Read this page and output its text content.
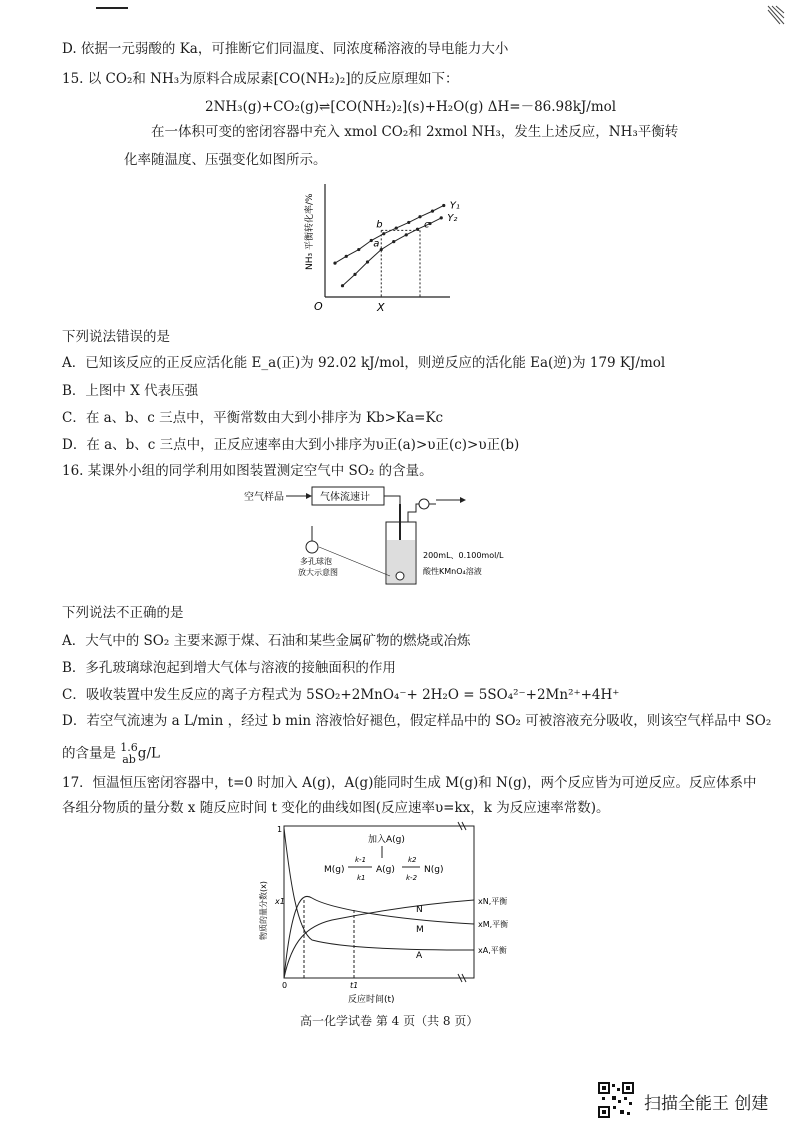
D. 依据一元弱酸的 Ka，可推断它们同温度、同浓度稀溶液的导电能力大小
15. 以 CO₂和 NH₃为原料合成尿素[CO(NH₂)₂]的反应原理如下：
2NH₃(g)+CO₂(g)⇌[CO(NH₂)₂](s)+H₂O(g) ΔH=－86.98kJ/mol
在一体积可变的密闭容器中充入 xmol CO₂和 2xmol NH₃，发生上述反应，NH₃平衡转化率随温度、压强变化如图所示。
Y₁
Y₂
a
b	c
O	X
NH₃ 平衡转化率/%
下列说法错误的是
A．已知该反应的正反应活化能 E_a(正)为 92.02 kJ/mol，则逆反应的活化能 Ea(逆)为 179 KJ/mol
B．上图中 X 代表压强
C．在 a、b、c 三点中，平衡常数由大到小排序为 Kb>Ka=Kc
D．在 a、b、c 三点中，正反应速率由大到小排序为υ正(a)>υ正(c)>υ正(b)
16. 某课外小组的同学利用如图装置测定空气中 SO₂ 的含量。
空气样品	气体流速计
多孔球泡
放大示意图
200mL、0.100mol/L
酸性KMnO₄溶液
下列说法不正确的是
A．大气中的 SO₂ 主要来源于煤、石油和某些金属矿物的燃烧或冶炼
B．多孔玻璃球泡起到增大气体与溶液的接触面积的作用
C．吸收装置中发生反应的离子方程式为 5SO₂+2MnO₄⁻+ 2H₂O = 5SO₄²⁻+2Mn²⁺+4H⁺
D．若空气流速为 a L/min ，经过 b min 溶液恰好褪色，假定样品中的 SO₂ 可被溶液充分吸收，则该空气样品中 SO₂
的含量是 1.6
ab g/L
17．恒温恒压密闭容器中，t=0 时加入 A(g)，A(g)能同时生成 M(g)和 N(g)，两个反应皆为可逆反应。反应体系中
各组分物质的量分数 x 随反应时间 t 变化的曲线如图(反应速率υ=kx，k 为反应速率常数)。
1
x1
0	t1
反应时间(t)
物质的量分数(x)
加入A(g)
M(g)	A(g)	N(g)
k-1
k1
k2
k-2
N
M
A
xN,平衡
xM,平衡
xA,平衡
高一化学试卷 第 4 页（共 8 页）
扫描全能王 创建
